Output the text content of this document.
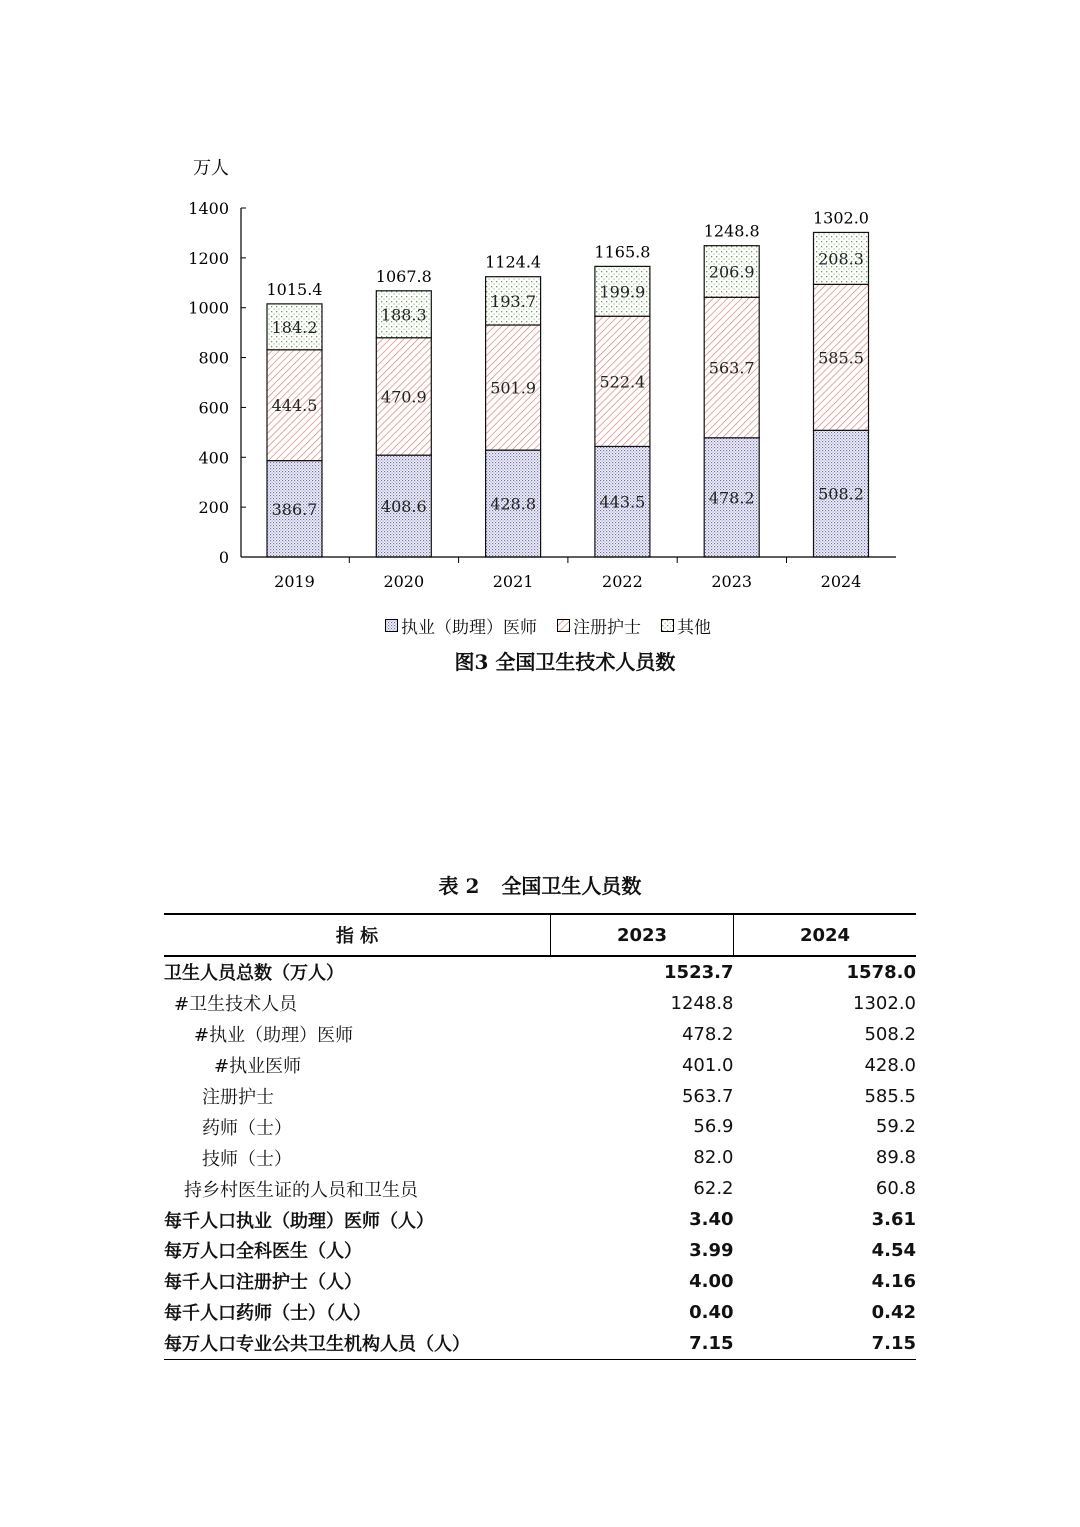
万人
0
200
400
600
800
1000
1200
1400
386.7
444.5
184.2
1015.4
408.6
470.9
188.3
1067.8
428.8
501.9
193.7
1124.4
443.5
522.4
199.9
1165.8
478.2
563.7
206.9
1248.8
508.2
585.5
208.3
1302.0
2019	2020	2021	2022	2023	2024
执业（助理）医师 注册护士 其他
图3 全国卫生技术人员数
表 2 全国卫生人员数
指 标	2023	2024
卫生人员总数（万人）	1523.7	1578.0
#卫生技术人员	1248.8	1302.0
#执业（助理）医师	478.2	508.2
#执业医师	401.0	428.0
注册护士	563.7	585.5
药师（士）	56.9	59.2
技师（士）	82.0	89.8
持乡村医生证的人员和卫生员	62.2	60.8
每千人口执业（助理）医师（人）	3.40	3.61
每万人口全科医生（人）	3.99	4.54
每千人口注册护士（人）	4.00	4.16
每千人口药师（士）（人）	0.40	0.42
每万人口专业公共卫生机构人员（人）	7.15	7.15
